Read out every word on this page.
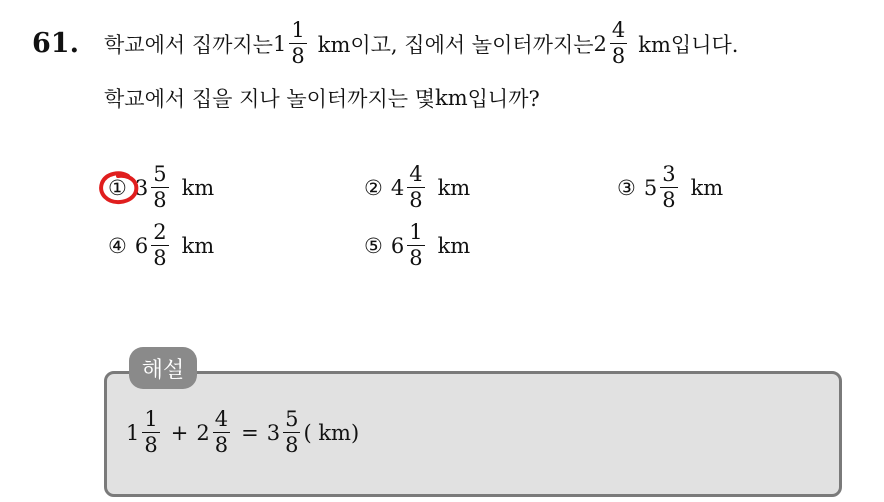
61. 학교에서 집까지는 $1 \frac{1}{8}$ km이고, 집에서 놀이터까지는 $2 \frac{4}{8}$ km입니다.
학교에서 집을 지나 놀이터까지는 몇 km 입니까?
① $3 \frac{5}{8}$ km	② $4 \frac{4}{8}$ km	③ $5 \frac{3}{8}$ km
④ $6 \frac{2}{8}$ km	⑤ $6 \frac{1}{8}$ km
해설
$1 \frac{1}{8} + 2 \frac{4}{8} = 3 \frac{5}{8}$ ( km)
